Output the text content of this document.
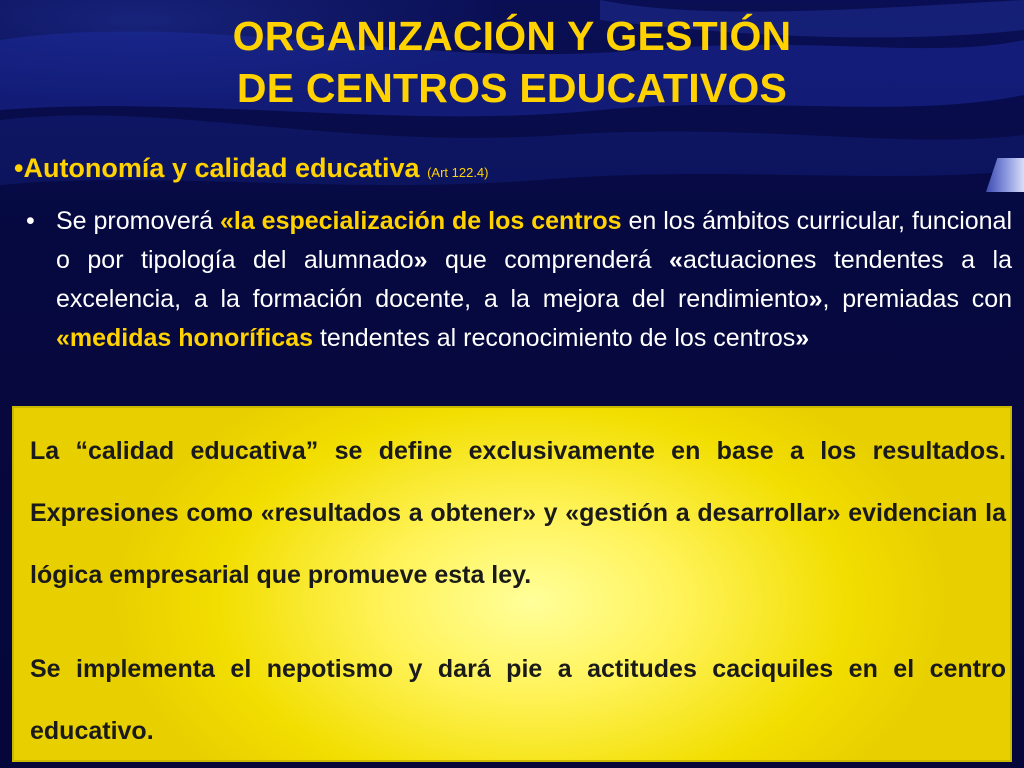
ORGANIZACIÓN Y GESTIÓN
DE CENTROS EDUCATIVOS
•Autonomía y calidad educativa (Art 122.4)
• Se promoverá «la especialización de los centros en los ámbitos curricular, funcional o por tipología del alumnado» que comprenderá «actuaciones tendentes a la excelencia, a la formación docente, a la mejora del rendimiento», premiadas con «medidas honoríficas tendentes al reconocimiento de los centros»
La “calidad educativa” se define exclusivamente en base a los resultados. Expresiones como «resultados a obtener» y «gestión a desarrollar» evidencian la lógica empresarial que promueve esta ley.
Se implementa el nepotismo y dará pie a actitudes caciquiles en el centro educativo.
